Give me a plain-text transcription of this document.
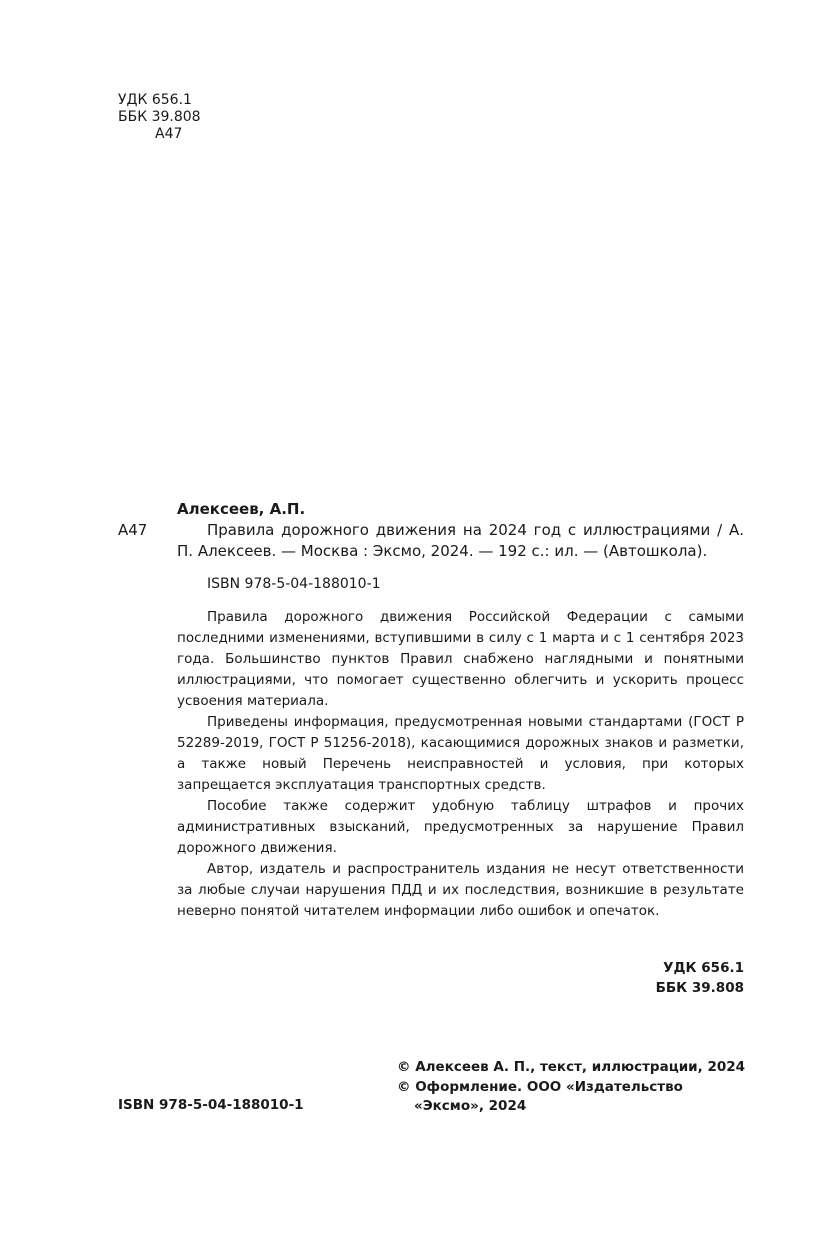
УДК 656.1
ББК 39.808
А47
Алексеев, А.П.
А47	Правила дорожного движения на 2024 год с иллюстрациями / А. П. Алексеев. — Москва : Эксмо, 2024. — 192 с.: ил. — (Автошкола).

ISBN 978-5-04-188010-1

Правила дорожного движения Российской Федерации с самыми последними изменениями, вступившими в силу с 1 марта и с 1 сентября 2023 года. Большинство пунктов Правил снабжено наглядными и понятными иллюстрациями, что помогает существенно облегчить и ускорить процесс усвоения материала.

Приведены информация, предусмотренная новыми стандартами (ГОСТ Р 52289-2019, ГОСТ Р 51256-2018), касающимися дорожных знаков и разметки, а также новый Перечень неисправностей и условия, при которых запрещается эксплуатация транспортных средств.

Пособие также содержит удобную таблицу штрафов и прочих административных взысканий, предусмотренных за нарушение Правил дорожного движения.

Автор, издатель и распространитель издания не несут ответственности за любые случаи нарушения ПДД и их последствия, возникшие в результате неверно понятой читателем информации либо ошибок и опечаток.

УДК 656.1
ББК 39.808
ISBN 978-5-04-188010-1
© Алексеев А. П., текст, иллюстрации, 2024
© Оформление. ООО «Издательство
«Эксмо», 2024
